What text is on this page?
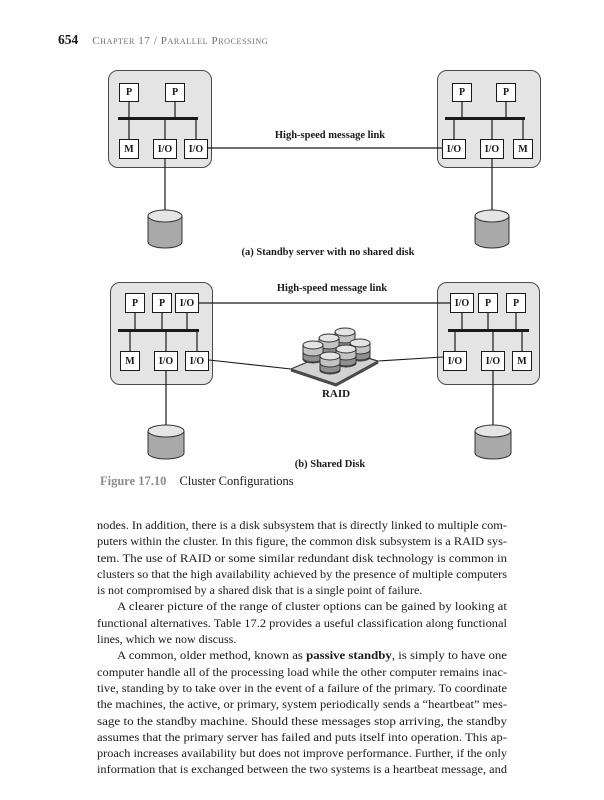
654 Chapter 17 / Parallel Processing
P	P
M	I/O	I/O
P	P
I/O	I/O	M
High-speed message link
(a) Standby server with no shared disk
P	P	I/O
M	I/O	I/O
I/O	P	P
I/O	I/O	M
High-speed message link
RAID
(b) Shared Disk
Figure 17.10 Cluster Configurations
nodes. In addition, there is a disk subsystem that is directly linked to multiple com-
puters within the cluster. In this figure, the common disk subsystem is a RAID sys-
tem. The use of RAID or some similar redundant disk technology is common in
clusters so that the high availability achieved by the presence of multiple computers
is not compromised by a shared disk that is a single point of failure.
A clearer picture of the range of cluster options can be gained by looking at
functional alternatives. Table 17.2 provides a useful classification along functional
lines, which we now discuss.
A common, older method, known as passive standby, is simply to have one
computer handle all of the processing load while the other computer remains inac-
tive, standing by to take over in the event of a failure of the primary. To coordinate
the machines, the active, or primary, system periodically sends a “heartbeat” mes-
sage to the standby machine. Should these messages stop arriving, the standby
assumes that the primary server has failed and puts itself into operation. This ap-
proach increases availability but does not improve performance. Further, if the only
information that is exchanged between the two systems is a heartbeat message, and
